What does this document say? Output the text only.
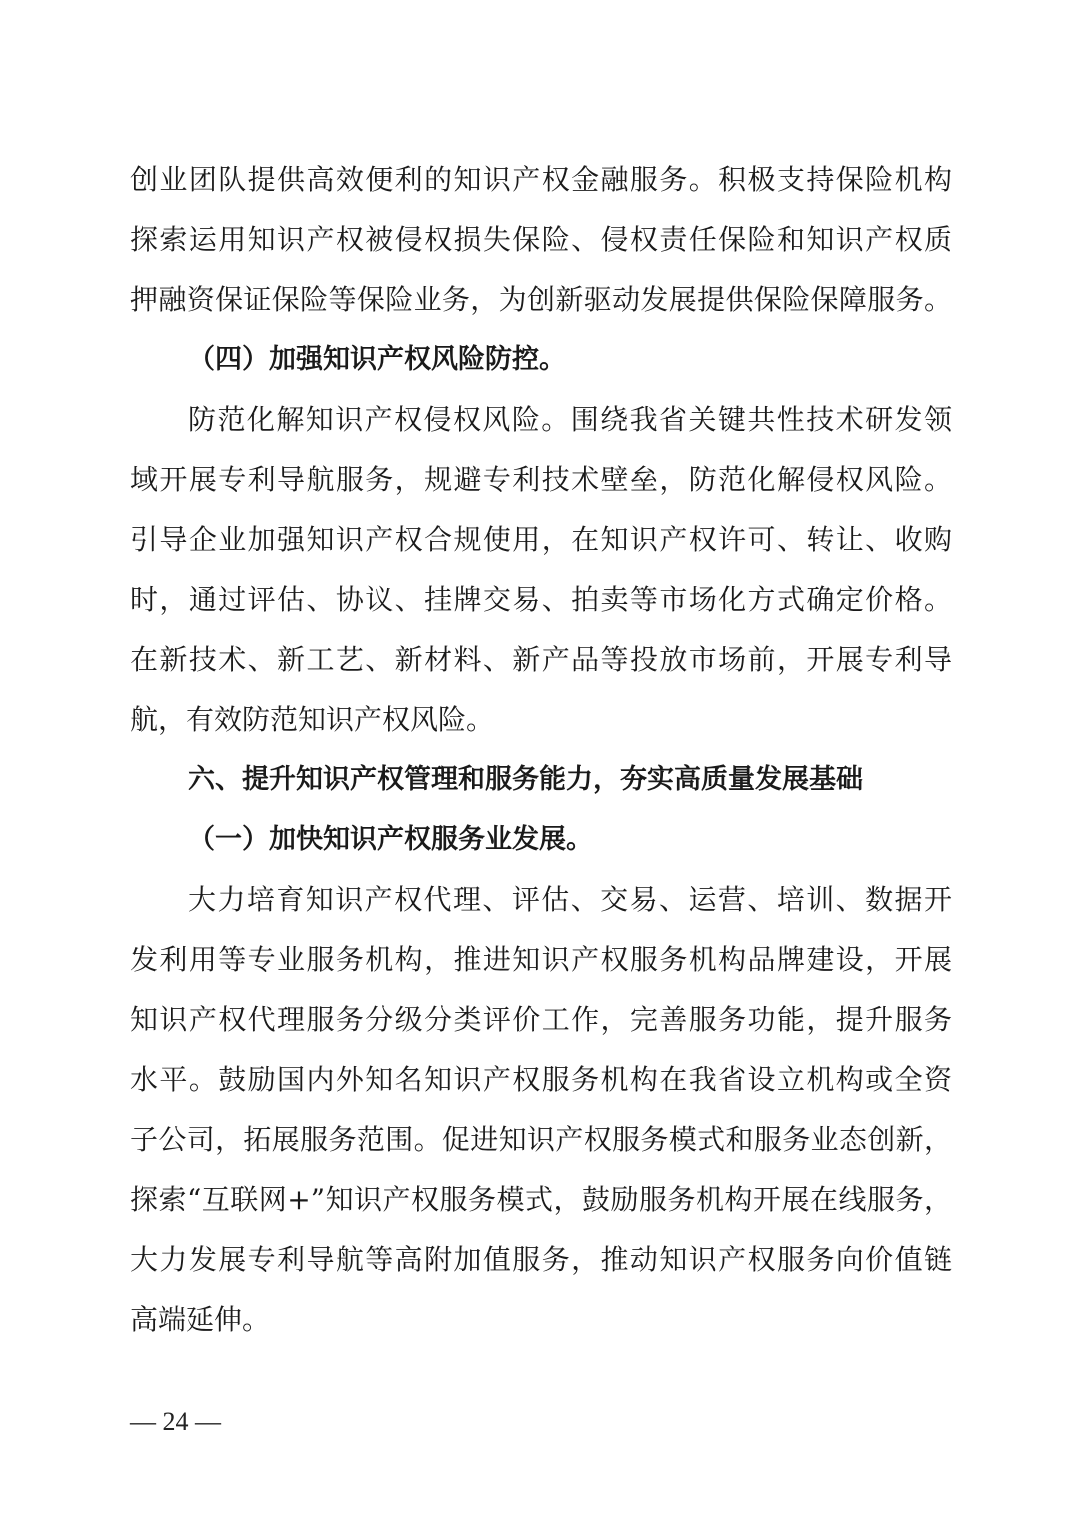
创业团队提供高效便利的知识产权金融服务。积极支持保险机构
探索运用知识产权被侵权损失保险、侵权责任保险和知识产权质
押融资保证保险等保险业务，为创新驱动发展提供保险保障服务。
（四）加强知识产权风险防控。
防范化解知识产权侵权风险。围绕我省关键共性技术研发领
域开展专利导航服务，规避专利技术壁垒，防范化解侵权风险。
引导企业加强知识产权合规使用，在知识产权许可、转让、收购
时，通过评估、协议、挂牌交易、拍卖等市场化方式确定价格。
在新技术、新工艺、新材料、新产品等投放市场前，开展专利导
航，有效防范知识产权风险。
六、提升知识产权管理和服务能力，夯实高质量发展基础
（一）加快知识产权服务业发展。
大力培育知识产权代理、评估、交易、运营、培训、数据开
发利用等专业服务机构，推进知识产权服务机构品牌建设，开展
知识产权代理服务分级分类评价工作，完善服务功能，提升服务
水平。鼓励国内外知名知识产权服务机构在我省设立机构或全资
子公司，拓展服务范围。促进知识产权服务模式和服务业态创新，
探索“互联网+”知识产权服务模式，鼓励服务机构开展在线服务，
大力发展专利导航等高附加值服务，推动知识产权服务向价值链
高端延伸。
— 24 —
